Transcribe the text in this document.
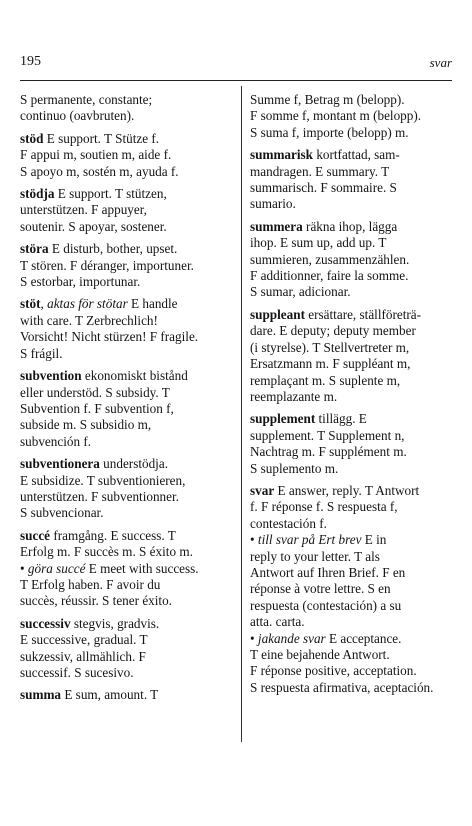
195	svar

S permanente, constante;

continuo (oavbruten).

stöd E support. T Stütze f.

F appui m, soutien m, aide f.

S apoyo m, sostén m, ayuda f.

stödja E support. T stützen,

unterstützen. F appuyer,

soutenir. S apoyar, sostener.

störa E disturb, bother, upset.

T stören. F déranger, importuner.

S estorbar, importunar.

stöt, aktas för stötar E handle

with care. T Zerbrechlich!

Vorsicht! Nicht stürzen! F fragile.

S frágil.

subvention ekonomiskt bistånd

eller understöd. S subsidy. T

Subvention f. F subvention f,

subside m. S subsidio m,

subvención f.

subventionera understödja.

E subsidize. T subventionieren,

unterstützen. F subventionner.

S subvencionar.

succé framgång. E success. T

Erfolg m. F succès m. S éxito m.

• göra succé E meet with success.

T Erfolg haben. F avoir du

succès, réussir. S tener éxito.

successiv stegvis, gradvis.

E successive, gradual. T

sukzessiv, allmählich. F

successif. S sucesivo.

summa E sum, amount. T

Summe f, Betrag m (belopp).

F somme f, montant m (belopp).

S suma f, importe (belopp) m.

summarisk kortfattad, sam-

mandragen. E summary. T

summarisch. F sommaire. S

sumario.

summera räkna ihop, lägga

ihop. E sum up, add up. T

summieren, zusammenzählen.

F additionner, faire la somme.

S sumar, adicionar.

suppleant ersättare, ställföreträ-

dare. E deputy; deputy member

(i styrelse). T Stellvertreter m,

Ersatzmann m. F suppléant m,

remplaçant m. S suplente m,

reemplazante m.

supplement tillägg. E

supplement. T Supplement n,

Nachtrag m. F supplément m.

S suplemento m.

svar E answer, reply. T Antwort

f. F réponse f. S respuesta f,

contestación f.

• till svar på Ert brev E in

reply to your letter. T als

Antwort auf Ihren Brief. F en

réponse à votre lettre. S en

respuesta (contestación) a su

atta. carta.

• jakande svar E acceptance.

T eine bejahende Antwort.

F réponse positive, acceptation.

S respuesta afirmativa, aceptación.
